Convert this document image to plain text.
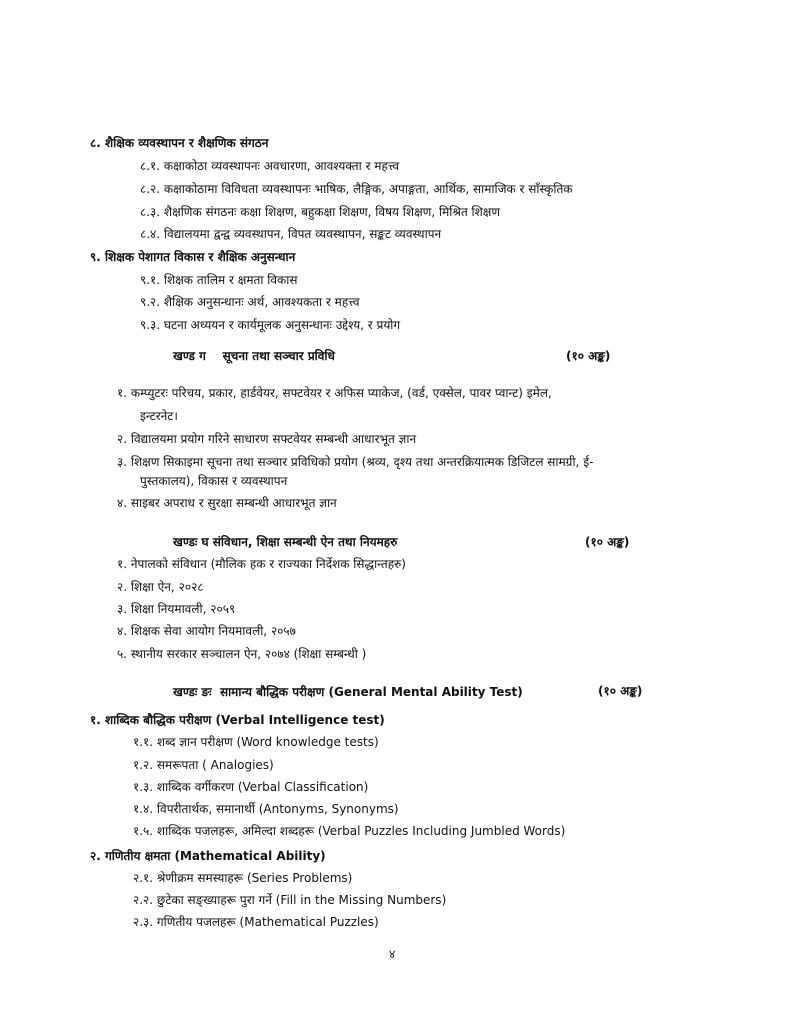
८. शैक्षिक व्यवस्थापन र शैक्षणिक संगठन
८.१. कक्षाकोठा व्यवस्थापनः अवधारणा, आवश्यक्ता र महत्त्व
८.२. कक्षाकोठामा विविधता व्यवस्थापनः भाषिक, लैङ्गिक, अपाङ्गता, आर्थिक, सामाजिक र साँस्कृतिक
८.३. शैक्षणिक संगठनः कक्षा शिक्षण, बहुकक्षा शिक्षण, विषय शिक्षण, मिश्रित शिक्षण
८.४. विद्यालयमा द्वन्द्व व्यवस्थापन, विपत व्यवस्थापन, सङ्कट व्यवस्थापन
९. शिक्षक पेशागत विकास र शैक्षिक अनुसन्धान
९.१. शिक्षक तालिम र क्षमता विकास
९.२. शैक्षिक अनुसन्धानः अर्थ, आवश्यकता र महत्त्व
९.३. घटना अध्ययन र कार्यमूलक अनुसन्धानः उद्देश्य, र प्रयोग
खण्ड ग    सूचना तथा सञ्चार प्रविधि	(१० अङ्क)
१. कम्प्युटरः परिचय, प्रकार, हार्डवेयर, सफ्टवेयर र अफिस प्याकेज, (वर्ड, एक्सेल, पावर प्वान्ट) इमेल,
इन्टरनेट।
२. विद्यालयमा प्रयोग गरिने साधारण सफ्टवेयर सम्बन्धी आधारभूत ज्ञान
३. शिक्षण सिकाइमा सूचना तथा सञ्चार प्रविधिको प्रयोग (श्रव्य, दृश्य तथा अन्तरक्रियात्मक डिजिटल सामग्री, ई-
पुस्तकालय), विकास र व्यवस्थापन
४. साइबर अपराध र सुरक्षा सम्बन्धी आधारभूत ज्ञान
खण्डः घ संविधान, शिक्षा सम्बन्धी ऐन तथा नियमहरु	(१० अङ्क)
१. नेपालको संविधान (मौलिक हक र राज्यका निर्देशक सिद्धान्तहरु)
२. शिक्षा ऐन, २०२८
३. शिक्षा नियमावली, २०५९
४. शिक्षक सेवा आयोग नियमावली, २०५७
५. स्थानीय सरकार सञ्चालन ऐन, २०७४ (शिक्षा सम्बन्धी )
खण्डः ङः  सामान्य बौद्धिक परीक्षण (General Mental Ability Test)	(१० अङ्क)
१. शाब्दिक बौद्धिक परीक्षण (Verbal Intelligence test)
१.१. शब्द ज्ञान परीक्षण (Word knowledge tests)
१.२. समरूपता ( Analogies)
१.३. शाब्दिक वर्गीकरण (Verbal Classification)
१.४. विपरीतार्थक, समानार्थी (Antonyms, Synonyms)
१.५. शाब्दिक पजलहरू, अमिल्दा शब्दहरू (Verbal Puzzles Including Jumbled Words)
२. गणितीय क्षमता (Mathematical Ability)
२.१. श्रेणीक्रम समस्याहरू (Series Problems)
२.२. छुटेका सङ्ख्याहरू पुरा गर्ने (Fill in the Missing Numbers)
२.३. गणितीय पजलहरू (Mathematical Puzzles)
४
